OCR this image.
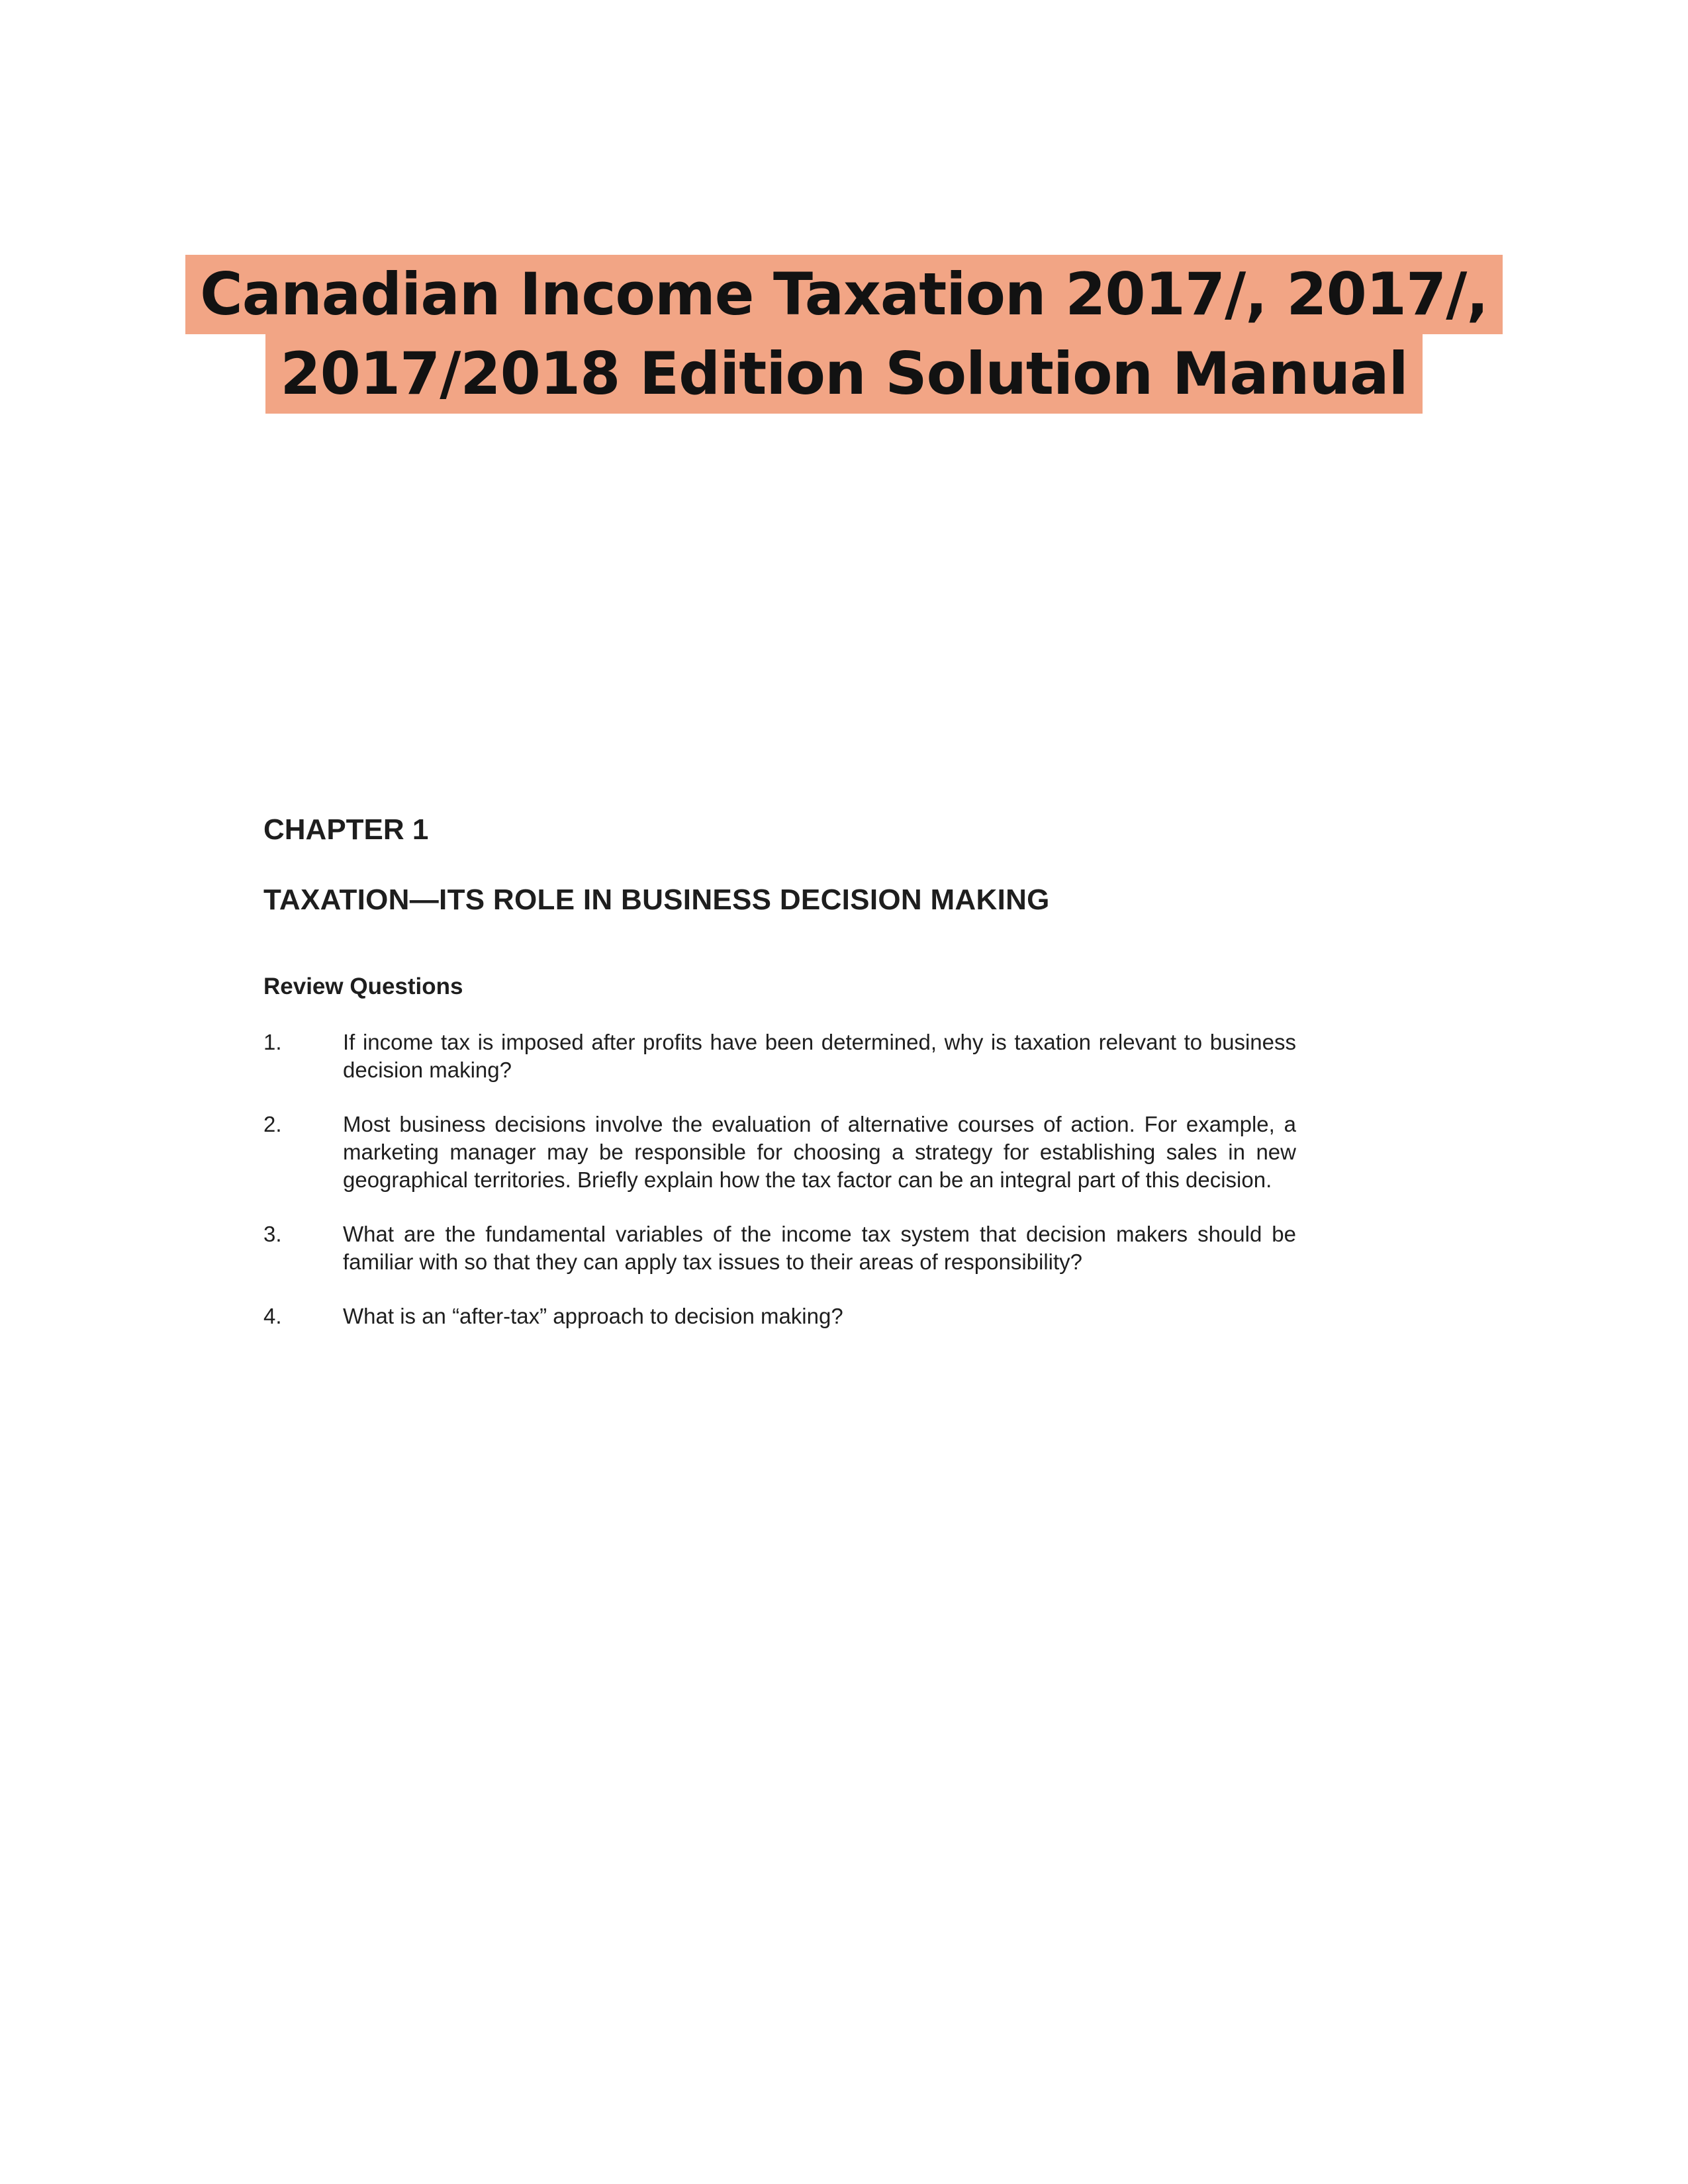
Canadian Income Taxation 2017/, 2017/,
2017/2018 Edition Solution Manual

CHAPTER 1

TAXATION—ITS ROLE IN BUSINESS DECISION MAKING

Review Questions

1.	If income tax is imposed after profits have been determined, why is taxation relevant to business decision making?

2.	Most business decisions involve the evaluation of alternative courses of action. For example, a marketing manager may be responsible for choosing a strategy for establishing sales in new geographical territories. Briefly explain how the tax factor can be an integral part of this decision.

3.	What are the fundamental variables of the income tax system that decision makers should be familiar with so that they can apply tax issues to their areas of responsibility?

4.	What is an “after-tax” approach to decision making?
